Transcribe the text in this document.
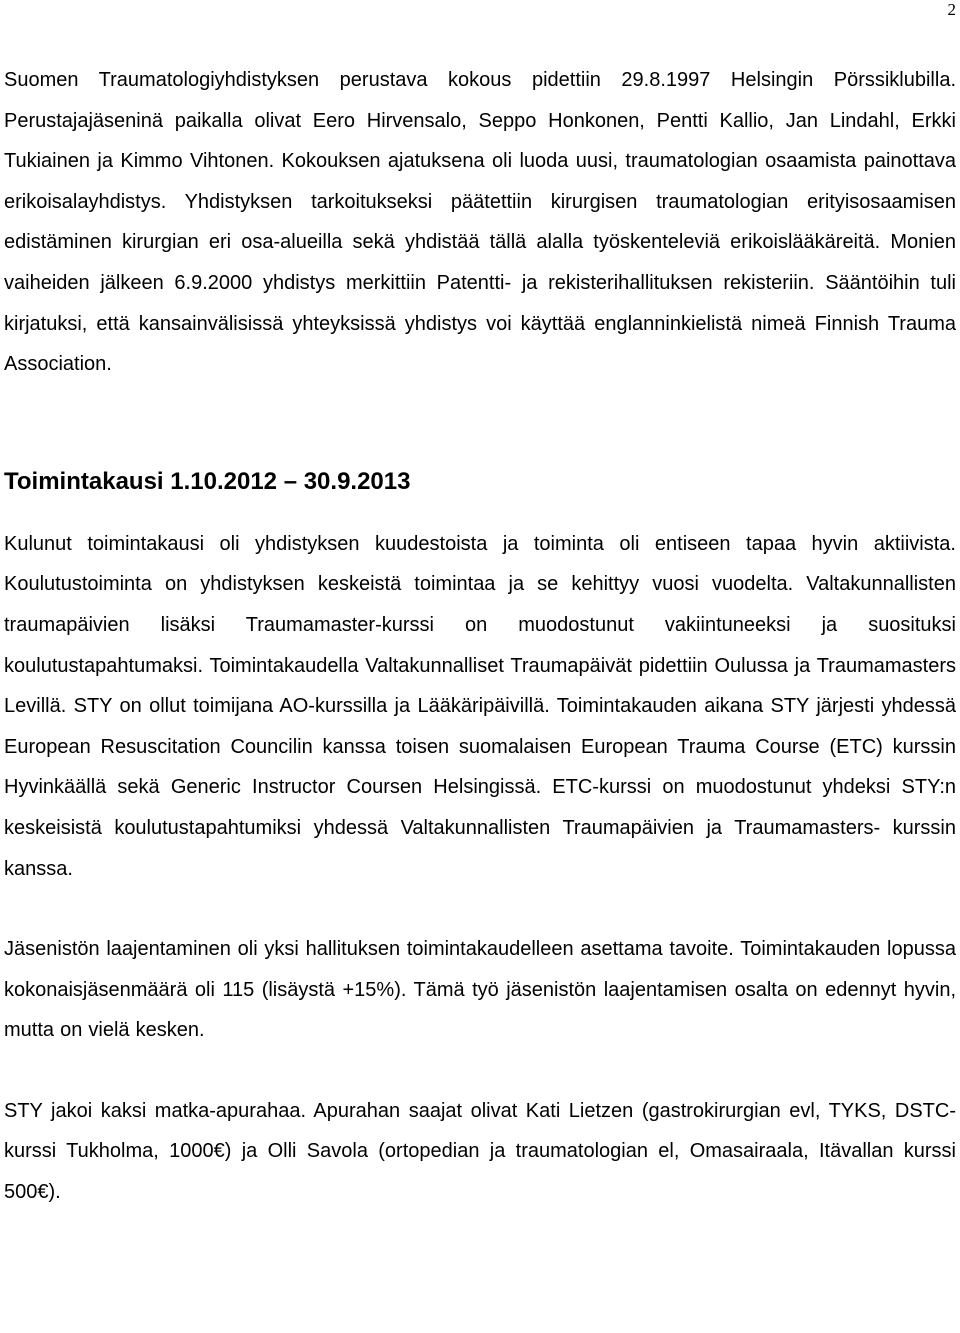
2

Suomen Traumatologiyhdistyksen perustava kokous pidettiin 29.8.1997 Helsingin Pörssiklubilla. Perustajajäseninä paikalla olivat Eero Hirvensalo, Seppo Honkonen, Pentti Kallio, Jan Lindahl, Erkki Tukiainen ja Kimmo Vihtonen. Kokouksen ajatuksena oli luoda uusi, traumatologian osaamista painottava erikoisalayhdistys. Yhdistyksen tarkoitukseksi päätettiin kirurgisen traumatologian erityisosaamisen edistäminen kirurgian eri osa-alueilla sekä yhdistää tällä alalla työskenteleviä erikoislääkäreitä. Monien vaiheiden jälkeen 6.9.2000 yhdistys merkittiin Patentti- ja rekisterihallituksen rekisteriin. Sääntöihin tuli kirjatuksi, että kansainvälisissä yhteyksissä yhdistys voi käyttää englanninkielistä nimeä Finnish Trauma Association.

Toimintakausi 1.10.2012 – 30.9.2013

Kulunut toimintakausi oli yhdistyksen kuudestoista ja toiminta oli entiseen tapaa hyvin aktiivista. Koulutustoiminta on yhdistyksen keskeistä toimintaa ja se kehittyy vuosi vuodelta. Valtakunnallisten traumapäivien lisäksi Traumamaster-kurssi on muodostunut vakiintuneeksi ja suosituksi koulutustapahtumaksi. Toimintakaudella Valtakunnalliset Traumapäivät pidettiin Oulussa ja Traumamasters Levillä. STY on ollut toimijana AO-kurssilla ja Lääkäripäivillä. Toimintakauden aikana STY järjesti yhdessä European Resuscitation Councilin kanssa toisen suomalaisen European Trauma Course (ETC) kurssin Hyvinkäällä sekä Generic Instructor Coursen Helsingissä. ETC-kurssi on muodostunut yhdeksi STY:n keskeisistä koulutustapahtumiksi yhdessä Valtakunnallisten Traumapäivien ja Traumamasters- kurssin kanssa.

Jäsenistön laajentaminen oli yksi hallituksen toimintakaudelleen asettama tavoite. Toimintakauden lopussa kokonaisjäsenmäärä oli 115 (lisäystä +15%). Tämä työ jäsenistön laajentamisen osalta on edennyt hyvin, mutta on vielä kesken.

STY jakoi kaksi matka-apurahaa. Apurahan saajat olivat Kati Lietzen (gastrokirurgian evl, TYKS, DSTC-kurssi Tukholma, 1000€) ja Olli Savola (ortopedian ja traumatologian el, Omasairaala, Itävallan kurssi 500€).
